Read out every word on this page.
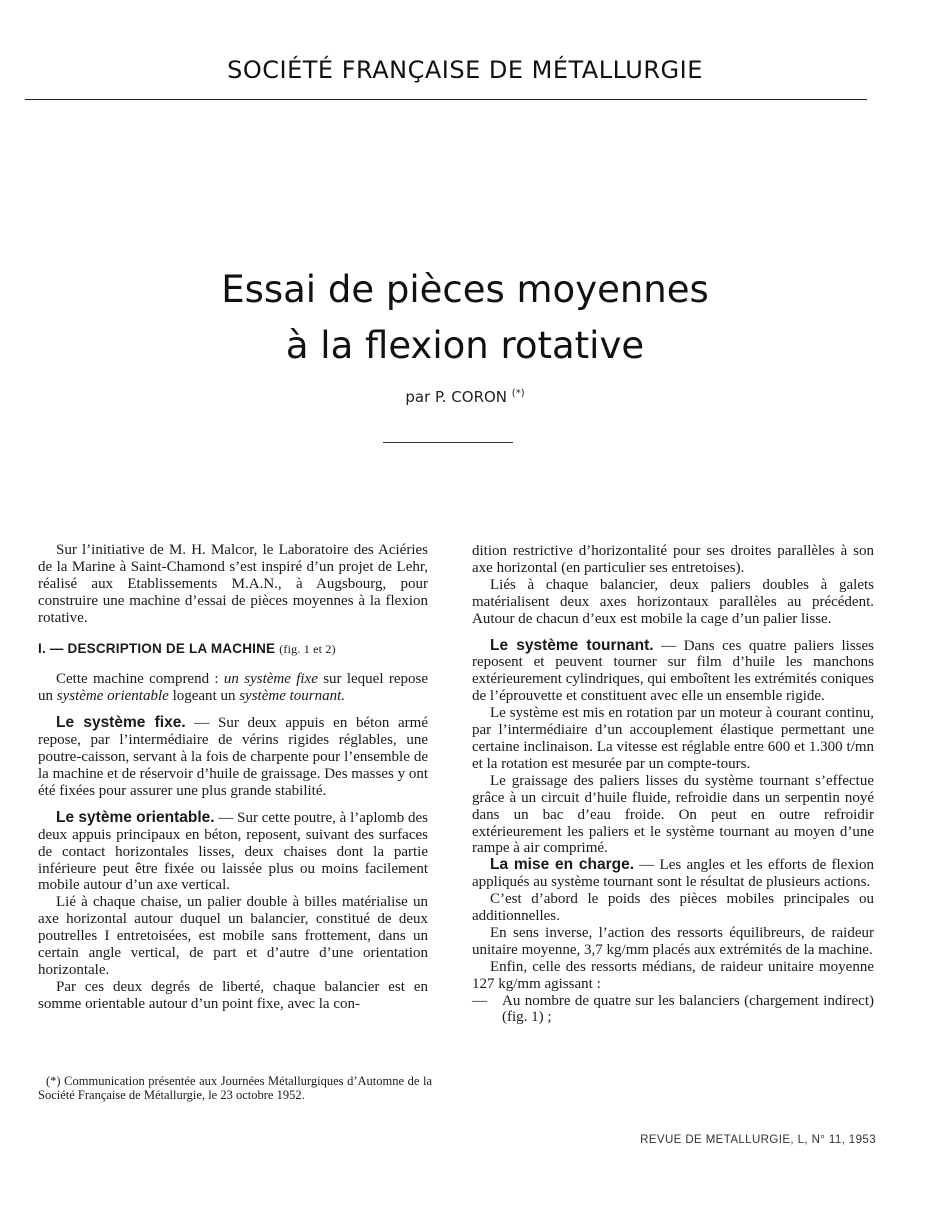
SOCIÉTÉ FRANÇAISE DE MÉTALLURGIE
Essai de pièces moyennes
à la flexion rotative
par P. CORON (*)

Sur l’initiative de M. H. Malcor, le Laboratoire des Aciéries de la Marine à Saint-Chamond s’est inspiré d’un projet de Lehr, réalisé aux Etablissements M.A.N., à Augsbourg, pour construire une machine d’essai de pièces moyennes à la flexion rotative.

I. — DESCRIPTION DE LA MACHINE (fig. 1 et 2)

Cette machine comprend : un système fixe sur lequel repose un système orientable logeant un système tournant.

Le système fixe. — Sur deux appuis en béton armé repose, par l’intermédiaire de vérins rigides réglables, une poutre-caisson, servant à la fois de charpente pour l’ensemble de la machine et de réservoir d’huile de graissage. Des masses y ont été fixées pour assurer une plus grande stabilité.

Le sytème orientable. — Sur cette poutre, à l’aplomb des deux appuis principaux en béton, reposent, suivant des surfaces de contact horizontales lisses, deux chaises dont la partie inférieure peut être fixée ou laissée plus ou moins facilement mobile autour d’un axe vertical.

Lié à chaque chaise, un palier double à billes matérialise un axe horizontal autour duquel un balancier, constitué de deux poutrelles I entretoisées, est mobile sans frottement, dans un certain angle vertical, de part et d’autre d’une orientation horizontale.

Par ces deux degrés de liberté, chaque balancier est en somme orientable autour d’un point fixe, avec la con-

(*) Communication présentée aux Journées Métallurgiques d’Automne de la Société Française de Métallurgie, le 23 octobre 1952.

dition restrictive d’horizontalité pour ses droites parallèles à son axe horizontal (en particulier ses entretoises).

Liés à chaque balancier, deux paliers doubles à galets matérialisent deux axes horizontaux parallèles au précédent. Autour de chacun d’eux est mobile la cage d’un palier lisse.

Le système tournant. — Dans ces quatre paliers lisses reposent et peuvent tourner sur film d’huile les manchons extérieurement cylindriques, qui emboîtent les extrémités coniques de l’éprouvette et constituent avec elle un ensemble rigide.

Le système est mis en rotation par un moteur à courant continu, par l’intermédiaire d’un accouplement élastique permettant une certaine inclinaison. La vitesse est réglable entre 600 et 1.300 t/mn et la rotation est mesurée par un compte-tours.

Le graissage des paliers lisses du système tournant s’effectue grâce à un circuit d’huile fluide, refroidie dans un serpentin noyé dans un bac d’eau froide. On peut en outre refroidir extérieurement les paliers et le système tournant au moyen d’une rampe à air comprimé.

La mise en charge. — Les angles et les efforts de flexion appliqués au système tournant sont le résultat de plusieurs actions.

C’est d’abord le poids des pièces mobiles principales ou additionnelles.

En sens inverse, l’action des ressorts équilibreurs, de raideur unitaire moyenne, 3,7 kg/mm placés aux extrémités de la machine.

Enfin, celle des ressorts médians, de raideur unitaire moyenne 127 kg/mm agissant :

—	Au nombre de quatre sur les balanciers (chargement indirect) (fig. 1) ;

REVUE DE METALLURGIE, L, N° 11, 1953
